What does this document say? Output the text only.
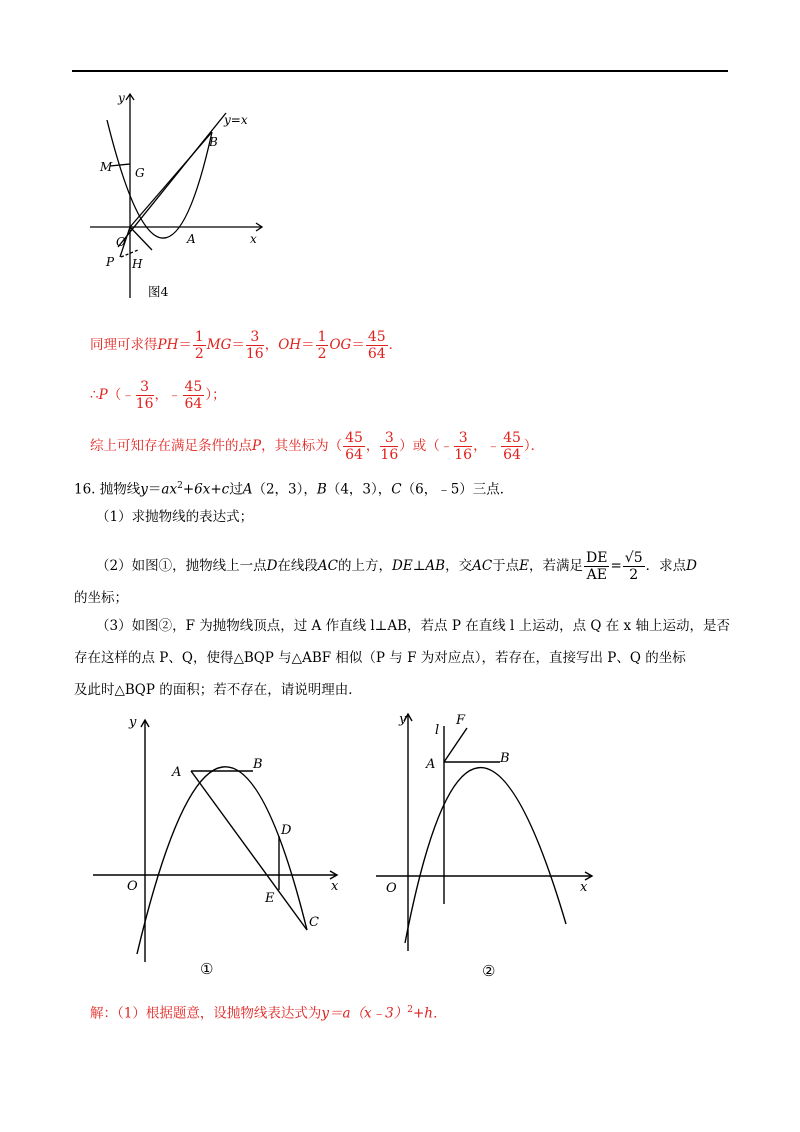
y
x
y=x
B
M G
O	A
P H
图4
同理可求得$PH= \frac{1}{2} MG= \frac{3}{16}$ ，$OH= \frac{1}{2} OG= \frac{45}{64}$ ．
∴P（﹣ $\frac{3}{16}$ ，﹣ $\frac{45}{64}$ ）；
综上可知存在满足条件的点P，其坐标为（ $\frac{45}{64}$ ， $\frac{3}{16}$ ）或（﹣ $\frac{3}{16}$ ，﹣ $\frac{45}{64}$ ）．
16. 抛物线$y=ax^2+6x+c$过A（2，3），B（4，3），C（6，﹣5）三点．
（1）求抛物线的表达式；
（2）如图①，抛物线上一点D在线段AC的上方，DE⊥AB，交AC于点E，若满足 $\frac{DE}{AE} = \frac{√5}{2}$ ．求点D
的坐标；
（3）如图②，F 为抛物线顶点，过 A 作直线 l⊥AB，若点 P 在直线 l 上运动，点 Q 在 x 轴上运动，是否
存在这样的点 P、Q，使得△BQP 与△ABF 相似（P 与 F 为对应点），若存在，直接写出 P、Q 的坐标
及此时△BQP 的面积；若不存在，请说明理由．
y
x
O
A
B
D
E
C
①
y
x
O
A	B
F
l
②
解：（1）根据题意，设抛物线表达式为y＝a（x﹣3）$^2$+h．
